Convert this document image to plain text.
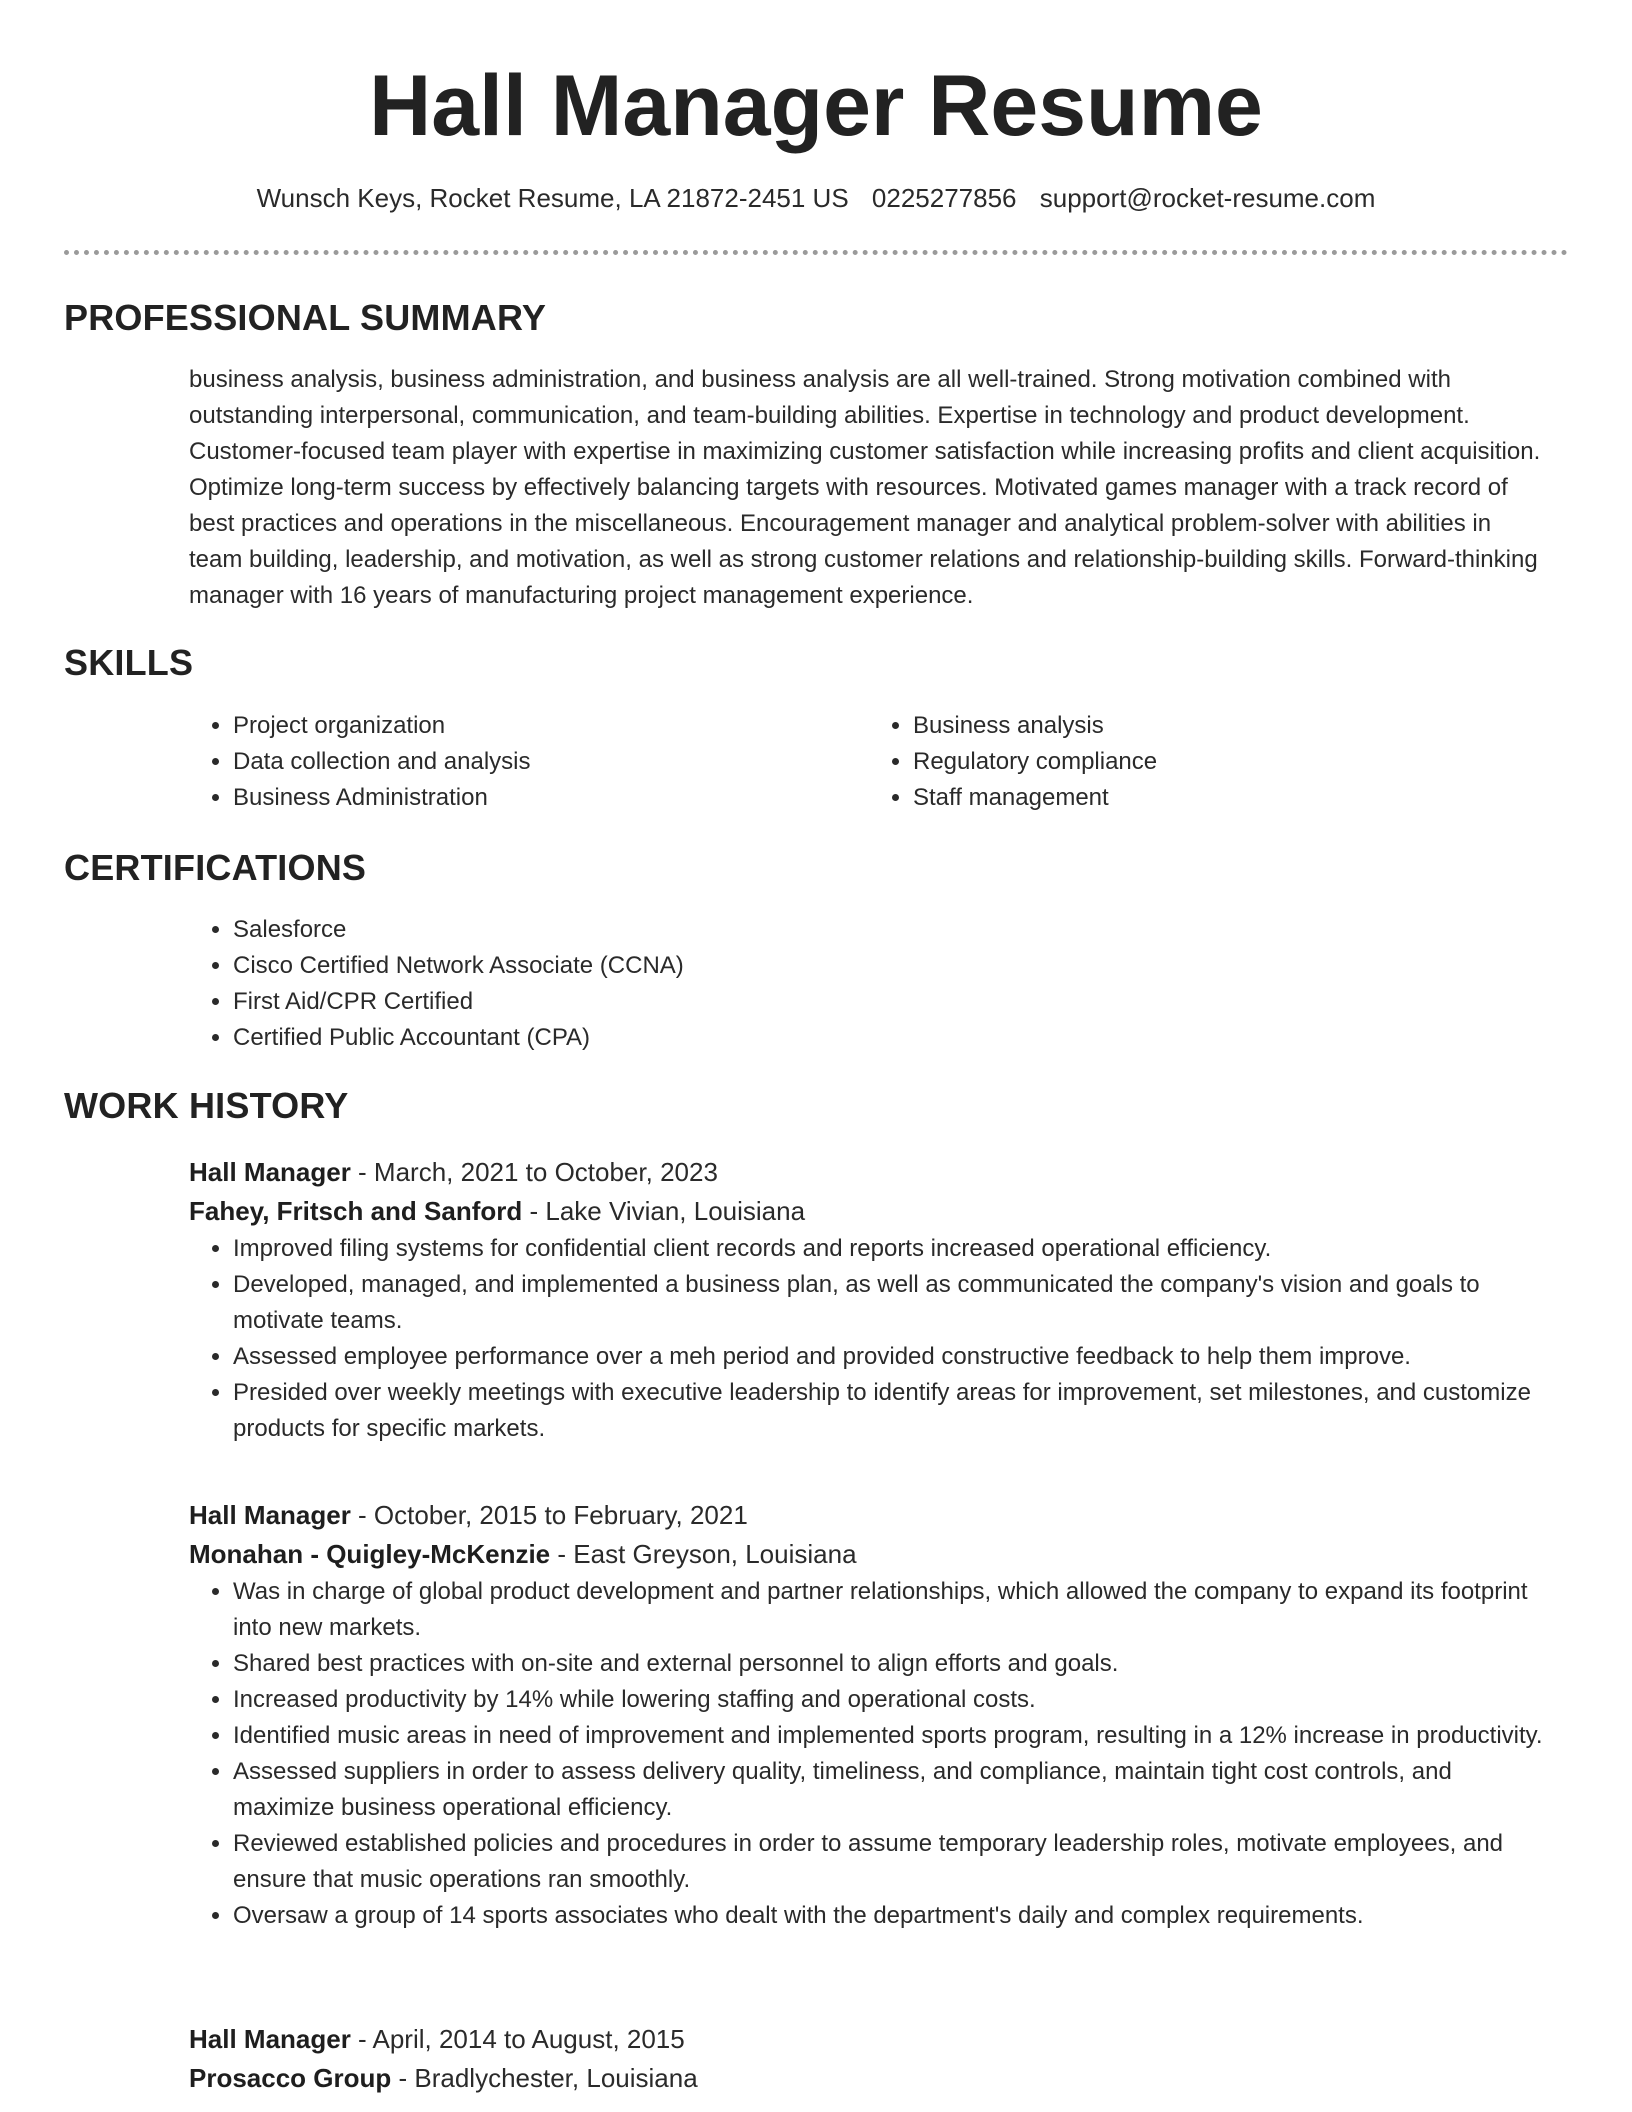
Hall Manager Resume
Wunsch Keys, Rocket Resume, LA 21872-2451 US 0225277856 support@rocket-resume.com
PROFESSIONAL SUMMARY

business analysis, business administration, and business analysis are all well-trained. Strong motivation combined with outstanding interpersonal, communication, and team-building abilities. Expertise in technology and product development. Customer-focused team player with expertise in maximizing customer satisfaction while increasing profits and client acquisition. Optimize long-term success by effectively balancing targets with resources. Motivated games manager with a track record of best practices and operations in the miscellaneous. Encouragement manager and analytical problem-solver with abilities in team building, leadership, and motivation, as well as strong customer relations and relationship-building skills. Forward-thinking manager with 16 years of manufacturing project management experience.

SKILLS
• Project organization
• Data collection and analysis
• Business Administration
• Business analysis
• Regulatory compliance
• Staff management
CERTIFICATIONS
• Salesforce
• Cisco Certified Network Associate (CCNA)
• First Aid/CPR Certified
• Certified Public Accountant (CPA)
WORK HISTORY

Hall Manager - March, 2021 to October, 2023

Fahey, Fritsch and Sanford - Lake Vivian, Louisiana

• Improved filing systems for confidential client records and reports increased operational efficiency.
• Developed, managed, and implemented a business plan, as well as communicated the company's vision and goals to motivate teams.
• Assessed employee performance over a meh period and provided constructive feedback to help them improve.
• Presided over weekly meetings with executive leadership to identify areas for improvement, set milestones, and customize products for specific markets.

Hall Manager - October, 2015 to February, 2021

Monahan - Quigley-McKenzie - East Greyson, Louisiana

• Was in charge of global product development and partner relationships, which allowed the company to expand its footprint into new markets.
• Shared best practices with on-site and external personnel to align efforts and goals.
• Increased productivity by 14% while lowering staffing and operational costs.
• Identified music areas in need of improvement and implemented sports program, resulting in a 12% increase in productivity.
• Assessed suppliers in order to assess delivery quality, timeliness, and compliance, maintain tight cost controls, and maximize business operational efficiency.
• Reviewed established policies and procedures in order to assume temporary leadership roles, motivate employees, and ensure that music operations ran smoothly.
• Oversaw a group of 14 sports associates who dealt with the department's daily and complex requirements.

Hall Manager - April, 2014 to August, 2015

Prosacco Group - Bradlychester, Louisiana
